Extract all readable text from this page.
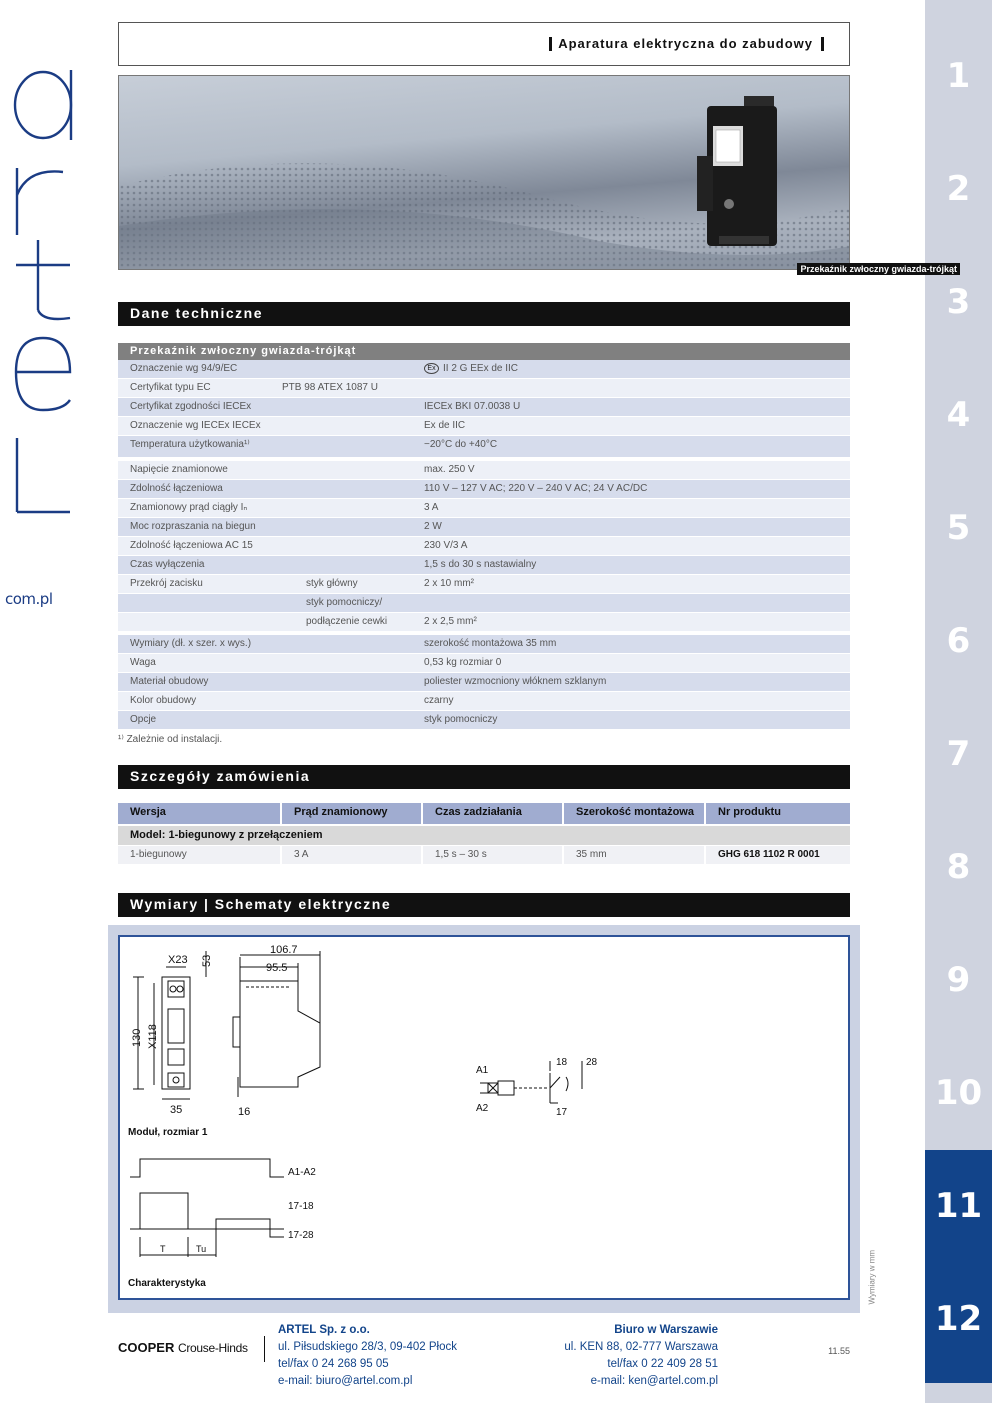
com.pl
1
2
3
4
5
6
7
8
9
10
11
12
Wymiary w mm
Aparatura elektryczna do zabudowy
Przekaźnik zwłoczny gwiazda-trójkąt
Dane techniczne
Przekaźnik zwłoczny gwiazda-trójkąt
Oznaczenie wg 94/9/EC	Ex II 2 G EEx de IIC
Certyfikat typu EC	PTB 98 ATEX 1087 U
Certyfikat zgodności IECEx	IECEx BKI 07.0038 U
Oznaczenie wg IECEx IECEx	Ex de IIC
Temperatura użytkowania¹⁾	−20°C do +40°C
Napięcie znamionowe	max. 250 V
Zdolność łączeniowa	110 V – 127 V AC; 220 V – 240 V AC; 24 V AC/DC
Znamionowy prąd ciągły Iₙ	3 A
Moc rozpraszania na biegun	2 W
Zdolność łączeniowa AC 15	230 V/3 A
Czas wyłączenia	1,5 s do 30 s nastawialny
Przekrój zacisku	styk główny	2 x 10 mm²
styk pomocniczy/
podłączenie cewki	2 x 2,5 mm²
Wymiary (dł. x szer. x wys.)	szerokość montażowa 35 mm
Waga	0,53 kg rozmiar 0
Materiał obudowy	poliester wzmocniony włóknem szklanym
Kolor obudowy	czarny
Opcje	styk pomocniczy
¹⁾ Zależnie od instalacji.
Szczegóły zamówienia
Wersja	Prąd znamionowy	Czas zadziałania	Szerokość montażowa	Nr produktu
Model: 1-biegunowy z przełączeniem
1-biegunowy	3 A	1,5 s – 30 s	35 mm	GHG 618 1102 R 0001
Wymiary | Schematy elektryczne
X23 53
130 X118
35	16
106.7
95.5
A1
A2
18 28
17
A1-A2
17-18
17-28
T	Tu
Moduł, rozmiar 1
Charakterystyka
COOPER Crouse-Hinds
ARTEL Sp. z o.o.
ul. Piłsudskiego 28/3, 09-402 Płock
tel/fax 0 24 268 95 05
e-mail: biuro@artel.com.pl
Biuro w Warszawie
ul. KEN 88, 02-777 Warszawa
tel/fax 0 22 409 28 51
e-mail: ken@artel.com.pl
11.55
